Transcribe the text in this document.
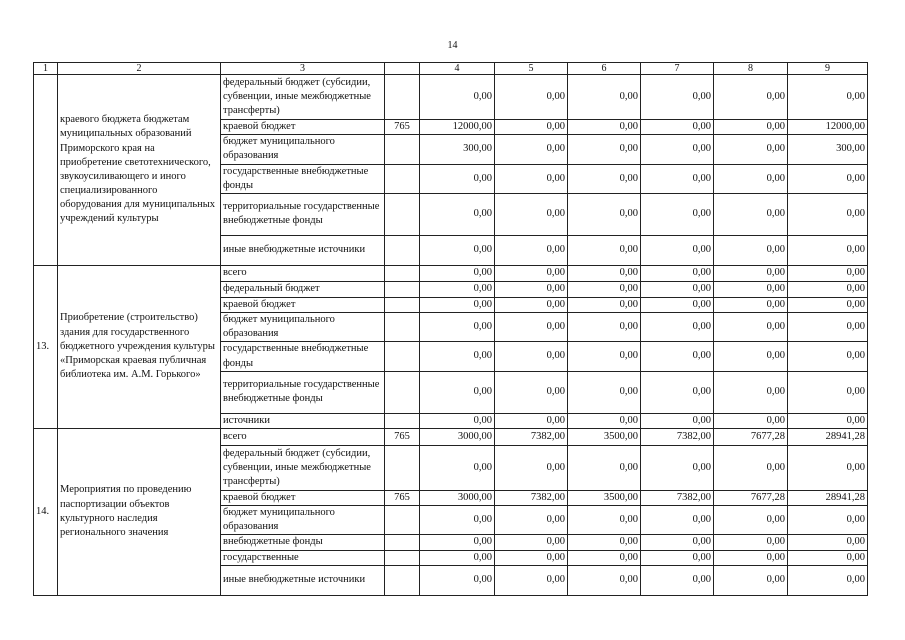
14
1	2	3		4	5	6	7	8	9
	краевого бюджета бюджетам муниципальных образований Приморского края на приобретение светотехнического, звукоусиливающего и иного специализированного оборудования для муниципальных учреждений культуры	федеральный бюджет (субсидии, субвенции, иные межбюджетные трансферты)		0,00	0,00	0,00	0,00	0,00	0,00
		краевой бюджет	765	12000,00	0,00	0,00	0,00	0,00	12000,00
		бюджет муниципального образования		300,00	0,00	0,00	0,00	0,00	300,00
		государственные внебюджетные фонды		0,00	0,00	0,00	0,00	0,00	0,00
		территориальные государственные внебюджетные фонды		0,00	0,00	0,00	0,00	0,00	0,00
		иные внебюджетные источники		0,00	0,00	0,00	0,00	0,00	0,00
13.	Приобретение (строительство) здания для государственного бюджетного учреждения культуры «Приморская краевая публичная библиотека им. А.М. Горького»	всего		0,00	0,00	0,00	0,00	0,00	0,00
		федеральный бюджет		0,00	0,00	0,00	0,00	0,00	0,00
		краевой бюджет		0,00	0,00	0,00	0,00	0,00	0,00
		бюджет муниципального образования		0,00	0,00	0,00	0,00	0,00	0,00
		государственные внебюджетные фонды		0,00	0,00	0,00	0,00	0,00	0,00
		территориальные государственные внебюджетные фонды		0,00	0,00	0,00	0,00	0,00	0,00
		источники		0,00	0,00	0,00	0,00	0,00	0,00
14.	Мероприятия по проведению паспортизации объектов культурного наследия регионального значения	всего	765	3000,00	7382,00	3500,00	7382,00	7677,28	28941,28
		федеральный бюджет (субсидии, субвенции, иные межбюджетные трансферты)		0,00	0,00	0,00	0,00	0,00	0,00
		краевой бюджет	765	3000,00	7382,00	3500,00	7382,00	7677,28	28941,28
		бюджет муниципального образования		0,00	0,00	0,00	0,00	0,00	0,00
		внебюджетные фонды		0,00	0,00	0,00	0,00	0,00	0,00
		государственные		0,00	0,00	0,00	0,00	0,00	0,00
		иные внебюджетные источники		0,00	0,00	0,00	0,00	0,00	0,00
